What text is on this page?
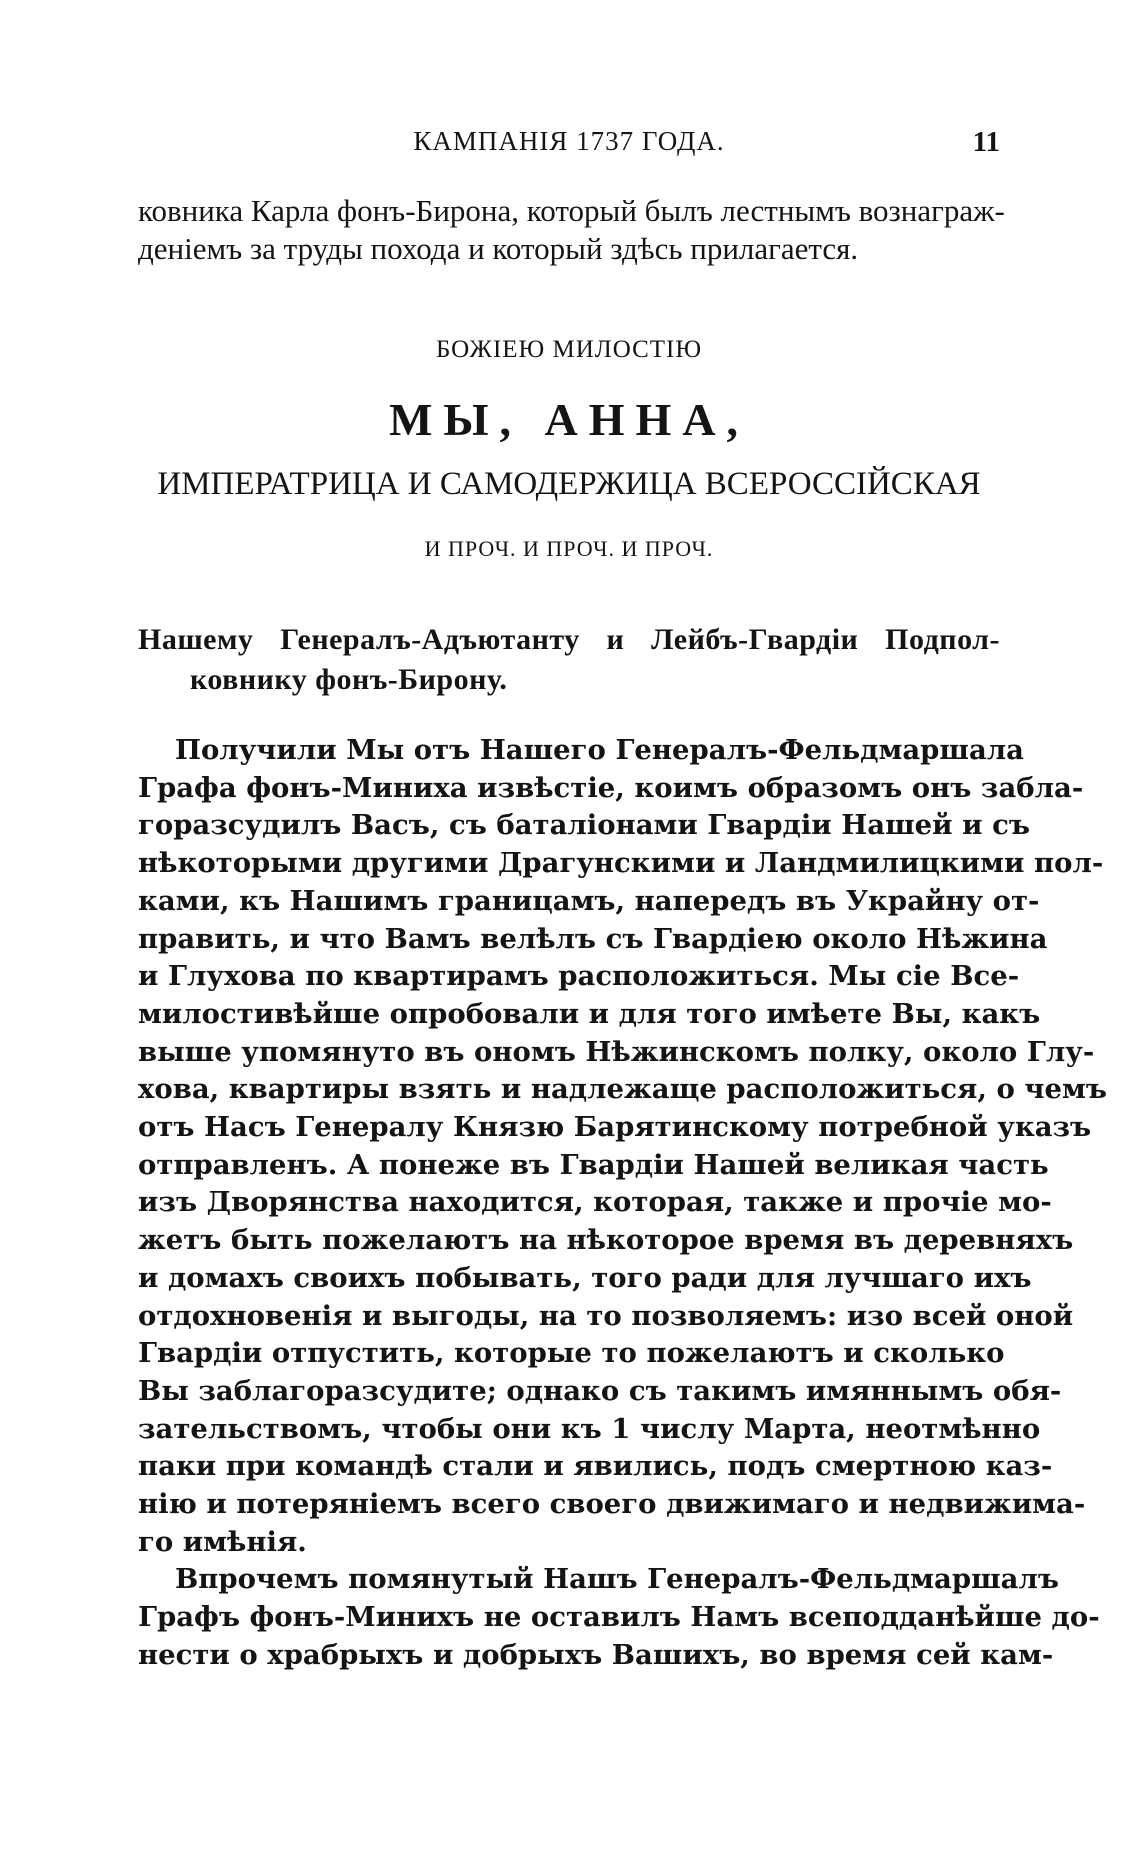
КАМПАНІЯ 1737 ГОДА.	11
ковника Карла фонъ-Бирона, который былъ лестнымъ вознаграж-
деніемъ за труды похода и который здѣсь прилагается.
БОЖІЕЮ МИЛОСТІЮ
МЫ, АННА,
ИМПЕРАТРИЦА И САМОДЕРЖИЦА ВСЕРОССІЙСКАЯ
И ПРОЧ. И ПРОЧ. И ПРОЧ.
Нашему Генералъ-Адъютанту и Лейбъ-Гвардіи Подпол-
ковнику фонъ-Бирону.
Получили Мы отъ Нашего Генералъ-Фельдмаршала
Графа фонъ-Миниха извѣстіе, коимъ образомъ онъ забла-
горазсудилъ Васъ, съ баталіонами Гвардіи Нашей и съ
нѣкоторыми другими Драгунскими и Ландмилицкими пол-
ками, къ Нашимъ границамъ, напередъ въ Украйну от-
править, и что Вамъ велѣлъ съ Гвардіею около Нѣжина
и Глухова по квартирамъ расположиться. Мы сіе Все-
милостивѣйше опробовали и для того имѣете Вы, какъ
выше упомянуто въ ономъ Нѣжинскомъ полку, около Глу-
хова, квартиры взять и надлежаще расположиться, о чемъ
отъ Насъ Генералу Князю Барятинскому потребной указъ
отправленъ. А понеже въ Гвардіи Нашей великая часть
изъ Дворянства находится, которая, также и прочіе мо-
жетъ быть пожелаютъ на нѣкоторое время въ деревняхъ
и домахъ своихъ побывать, того ради для лучшаго ихъ
отдохновенія и выгоды, на то позволяемъ: изо всей оной
Гвардіи отпустить, которые то пожелаютъ и сколько
Вы заблагоразсудите; однако съ такимъ имяннымъ обя-
зательствомъ, чтобы они къ 1 числу Марта, неотмѣнно
паки при командѣ стали и явились, подъ смертною каз-
нію и потеряніемъ всего своего движимаго и недвижима-
го имѣнія.
Впрочемъ помянутый Нашъ Генералъ-Фельдмаршалъ
Графъ фонъ-Минихъ не оставилъ Намъ всеподданѣйше до-
нести о храбрыхъ и добрыхъ Вашихъ, во время сей кам-
